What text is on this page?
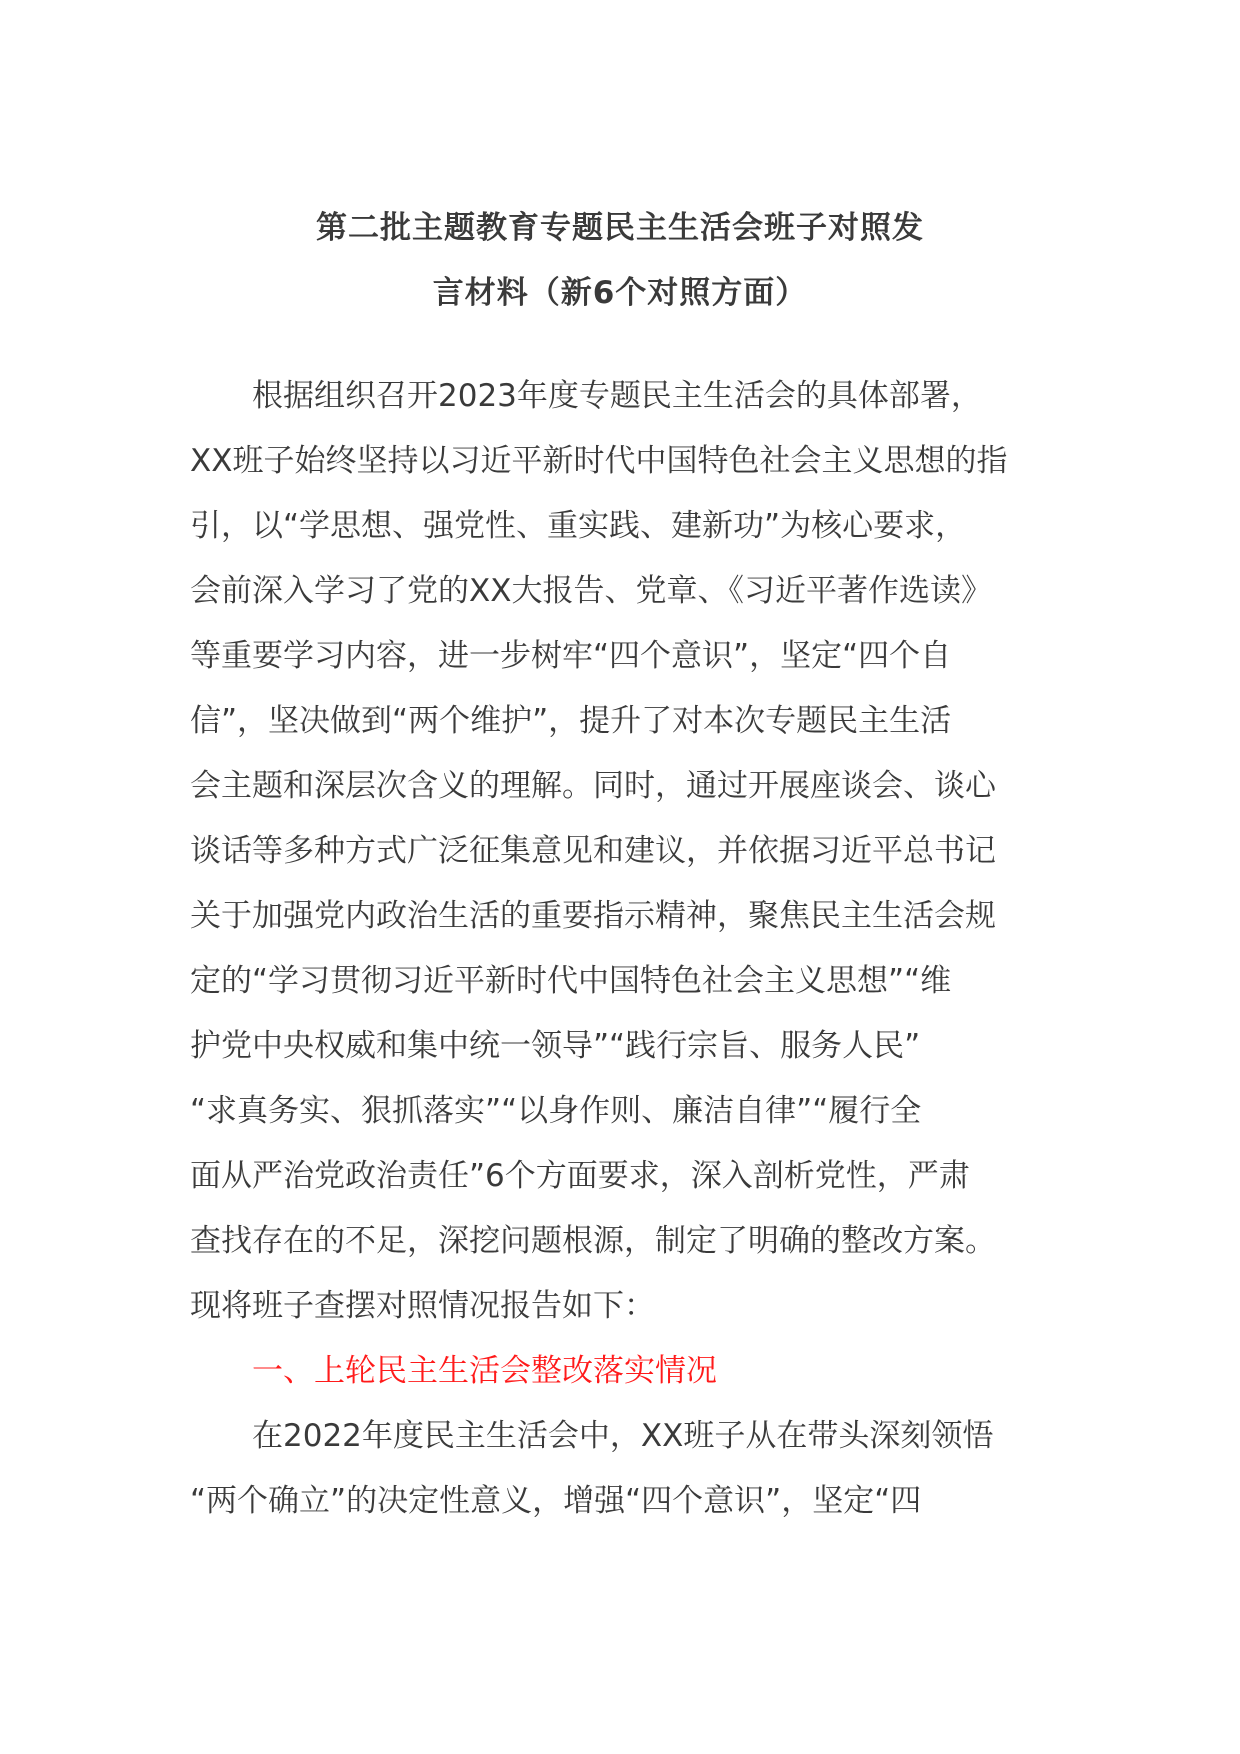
第二批主题教育专题民主生活会班子对照发
言材料（新6个对照方面）
根据组织召开2023年度专题民主生活会的具体部署，
XX班子始终坚持以习近平新时代中国特色社会主义思想的指
引，以“学思想、强党性、重实践、建新功”为核心要求，
会前深入学习了党的XX大报告、党章、《习近平著作选读》
等重要学习内容，进一步树牢“四个意识”，坚定“四个自
信”，坚决做到“两个维护”，提升了对本次专题民主生活
会主题和深层次含义的理解。同时，通过开展座谈会、谈心
谈话等多种方式广泛征集意见和建议，并依据习近平总书记
关于加强党内政治生活的重要指示精神，聚焦民主生活会规
定的“学习贯彻习近平新时代中国特色社会主义思想”“维
护党中央权威和集中统一领导”“践行宗旨、服务人民”
“求真务实、狠抓落实”“以身作则、廉洁自律”“履行全
面从严治党政治责任”6个方面要求，深入剖析党性，严肃
查找存在的不足，深挖问题根源，制定了明确的整改方案。
现将班子查摆对照情况报告如下：
一、上轮民主生活会整改落实情况
在2022年度民主生活会中，XX班子从在带头深刻领悟
“两个确立”的决定性意义，增强“四个意识”，坚定“四
